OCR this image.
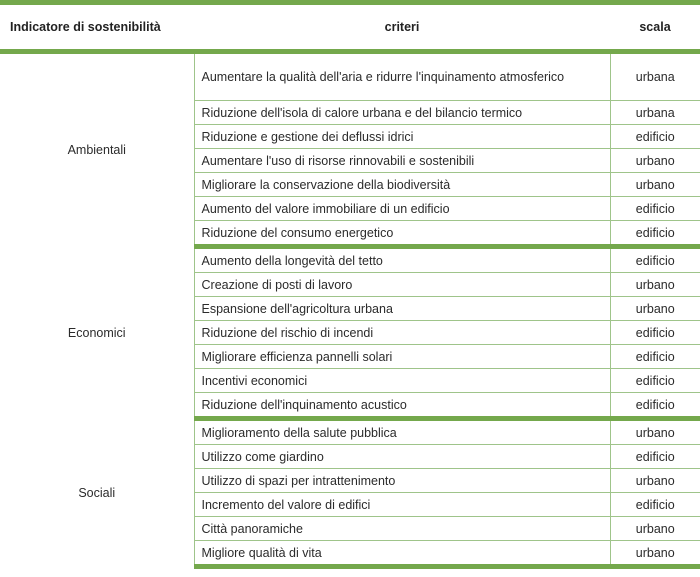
Indicatore di sostenibilità	criteri	scala
Ambientali	Aumentare la qualità dell'aria e ridurre l'inquinamento atmosferico	urbana
	Riduzione dell'isola di calore urbana e del bilancio termico	urbana
	Riduzione e gestione dei deflussi idrici	edificio
	Aumentare l'uso di risorse rinnovabili e sostenibili	urbano
	Migliorare la conservazione della biodiversità	urbano
	Aumento del valore immobiliare di un edificio	edificio
	Riduzione del consumo energetico	edificio
Economici	Aumento della longevità del tetto	edificio
	Creazione di posti di lavoro	urbano
	Espansione dell'agricoltura urbana	urbano
	Riduzione del rischio di incendi	edificio
	Migliorare efficienza pannelli solari	edificio
	Incentivi economici	edificio
	Riduzione dell'inquinamento acustico	edificio
Sociali	Miglioramento della salute pubblica	urbano
	Utilizzo come giardino	edificio
	Utilizzo di spazi per intrattenimento	urbano
	Incremento del valore di edifici	edificio
	Città panoramiche	urbano
	Migliore qualità di vita	urbano
